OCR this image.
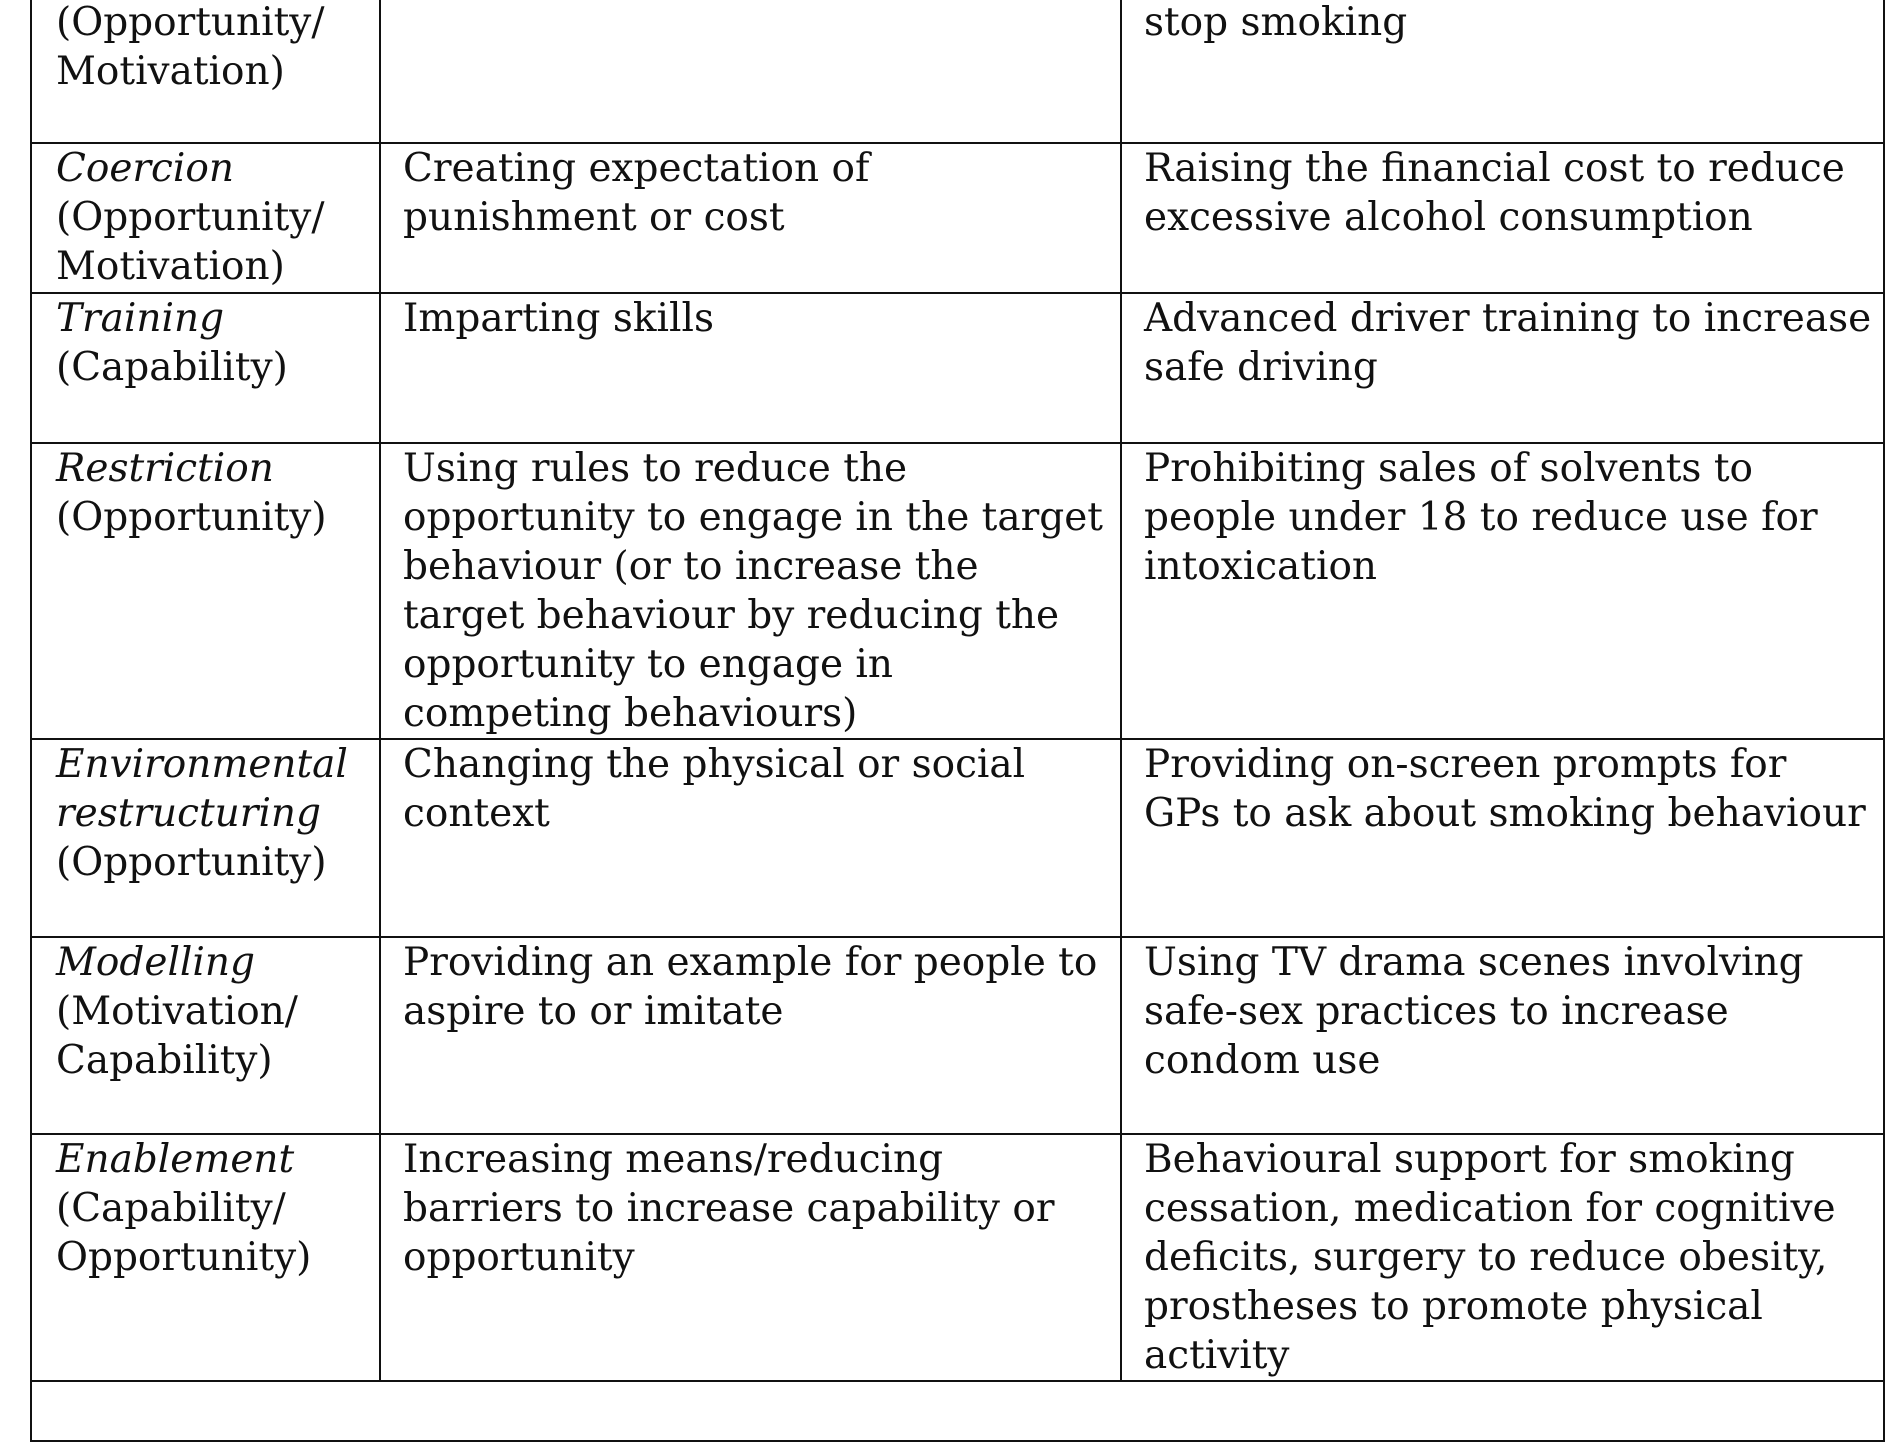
(Opportunity/ Motivation)		stop smoking

Coercion
(Opportunity/ Motivation)	Creating expectation of punishment or cost	Raising the financial cost to reduce excessive alcohol consumption

Training
(Capability)	Imparting skills	Advanced driver training to increase safe driving

Restriction
(Opportunity)	Using rules to reduce the opportunity to engage in the target behaviour (or to increase the target behaviour by reducing the opportunity to engage in competing behaviours)	Prohibiting sales of solvents to people under 18 to reduce use for intoxication

Environmental restructuring
(Opportunity)	Changing the physical or social context	Providing on-screen prompts for GPs to ask about smoking behaviour

Modelling
(Motivation/ Capability)	Providing an example for people to aspire to or imitate	Using TV drama scenes involving safe-sex practices to increase condom use

Enablement
(Capability/ Opportunity)	Increasing means/reducing barriers to increase capability or opportunity	Behavioural support for smoking cessation, medication for cognitive deficits, surgery to reduce obesity, prostheses to promote physical activity
